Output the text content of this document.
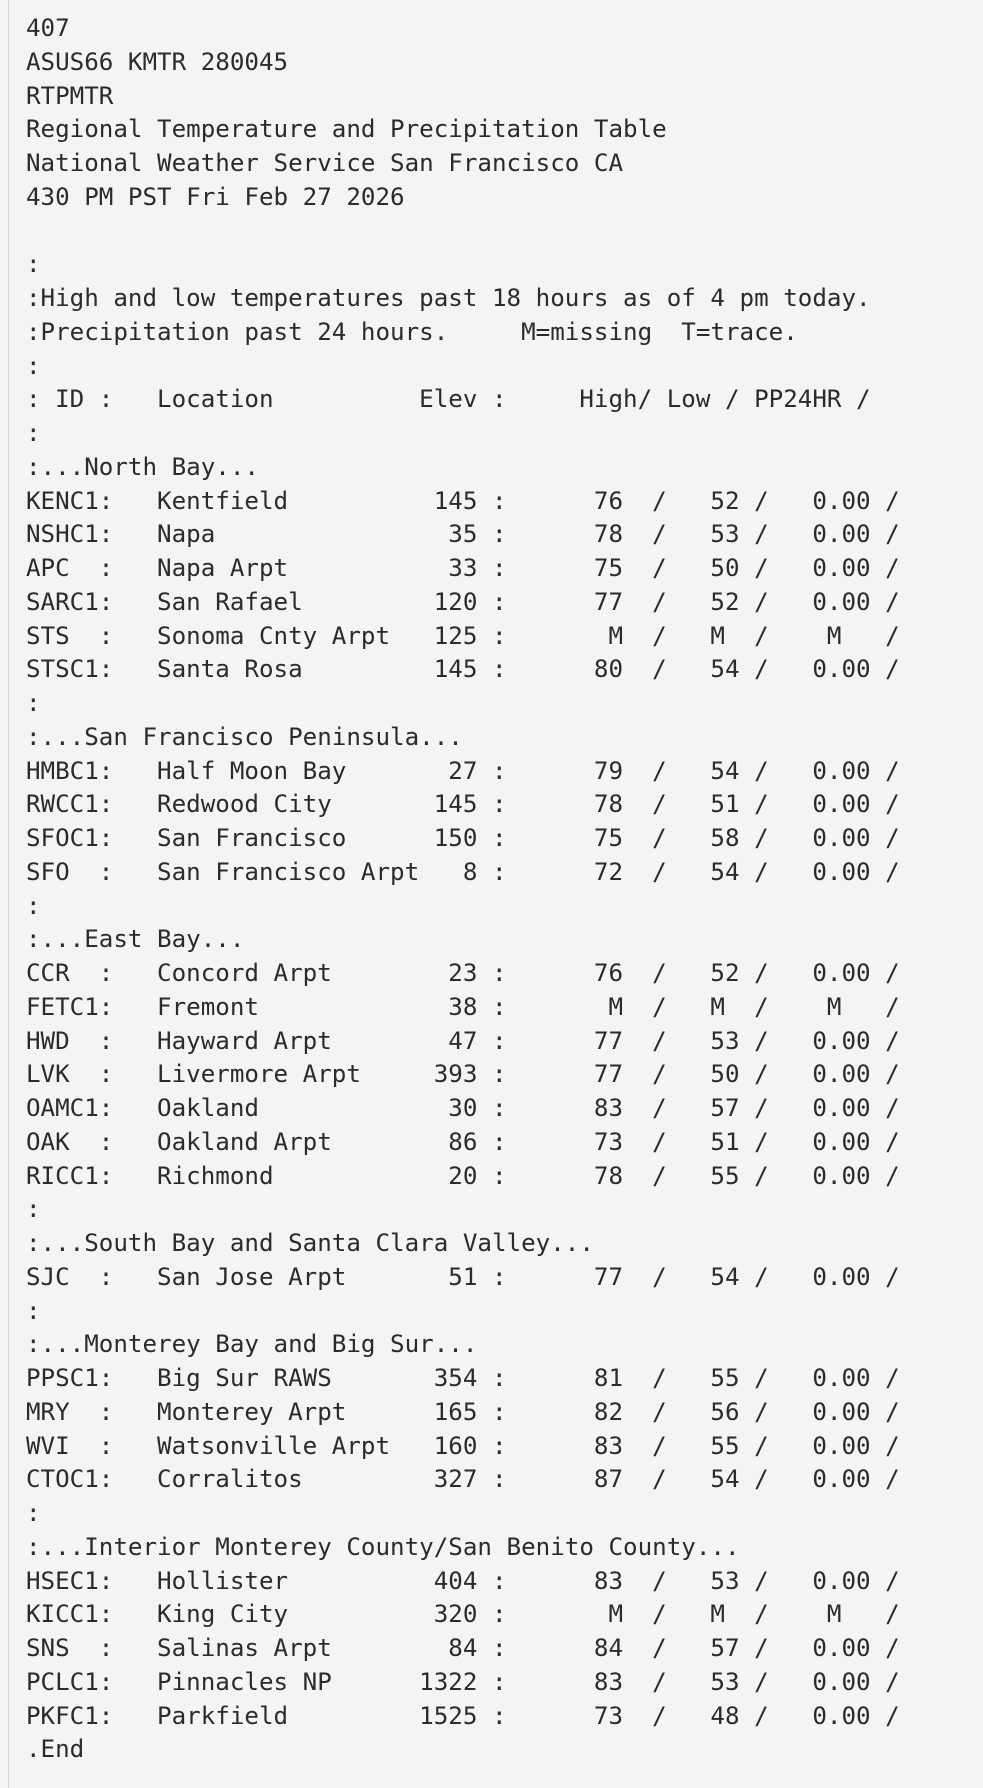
407
ASUS66 KMTR 280045
RTPMTR
Regional Temperature and Precipitation Table
National Weather Service San Francisco CA
430 PM PST Fri Feb 27 2026

:
:High and low temperatures past 18 hours as of 4 pm today.
:Precipitation past 24 hours.     M=missing  T=trace.
:
: ID :   Location          Elev :     High/ Low / PP24HR /
:
:...North Bay...
KENC1:   Kentfield          145 :      76  /   52 /   0.00 /
NSHC1:   Napa                35 :      78  /   53 /   0.00 /
APC  :   Napa Arpt           33 :      75  /   50 /   0.00 /
SARC1:   San Rafael         120 :      77  /   52 /   0.00 /
STS  :   Sonoma Cnty Arpt   125 :       M  /   M  /    M   /
STSC1:   Santa Rosa         145 :      80  /   54 /   0.00 /
:
:...San Francisco Peninsula...
HMBC1:   Half Moon Bay       27 :      79  /   54 /   0.00 /
RWCC1:   Redwood City       145 :      78  /   51 /   0.00 /
SFOC1:   San Francisco      150 :      75  /   58 /   0.00 /
SFO  :   San Francisco Arpt   8 :      72  /   54 /   0.00 /
:
:...East Bay...
CCR  :   Concord Arpt        23 :      76  /   52 /   0.00 /
FETC1:   Fremont             38 :       M  /   M  /    M   /
HWD  :   Hayward Arpt        47 :      77  /   53 /   0.00 /
LVK  :   Livermore Arpt     393 :      77  /   50 /   0.00 /
OAMC1:   Oakland             30 :      83  /   57 /   0.00 /
OAK  :   Oakland Arpt        86 :      73  /   51 /   0.00 /
RICC1:   Richmond            20 :      78  /   55 /   0.00 /
:
:...South Bay and Santa Clara Valley...
SJC  :   San Jose Arpt       51 :      77  /   54 /   0.00 /
:
:...Monterey Bay and Big Sur...
PPSC1:   Big Sur RAWS       354 :      81  /   55 /   0.00 /
MRY  :   Monterey Arpt      165 :      82  /   56 /   0.00 /
WVI  :   Watsonville Arpt   160 :      83  /   55 /   0.00 /
CTOC1:   Corralitos         327 :      87  /   54 /   0.00 /
:
:...Interior Monterey County/San Benito County...
HSEC1:   Hollister          404 :      83  /   53 /   0.00 /
KICC1:   King City          320 :       M  /   M  /    M   /
SNS  :   Salinas Arpt        84 :      84  /   57 /   0.00 /
PCLC1:   Pinnacles NP      1322 :      83  /   53 /   0.00 /
PKFC1:   Parkfield         1525 :      73  /   48 /   0.00 /
.End
